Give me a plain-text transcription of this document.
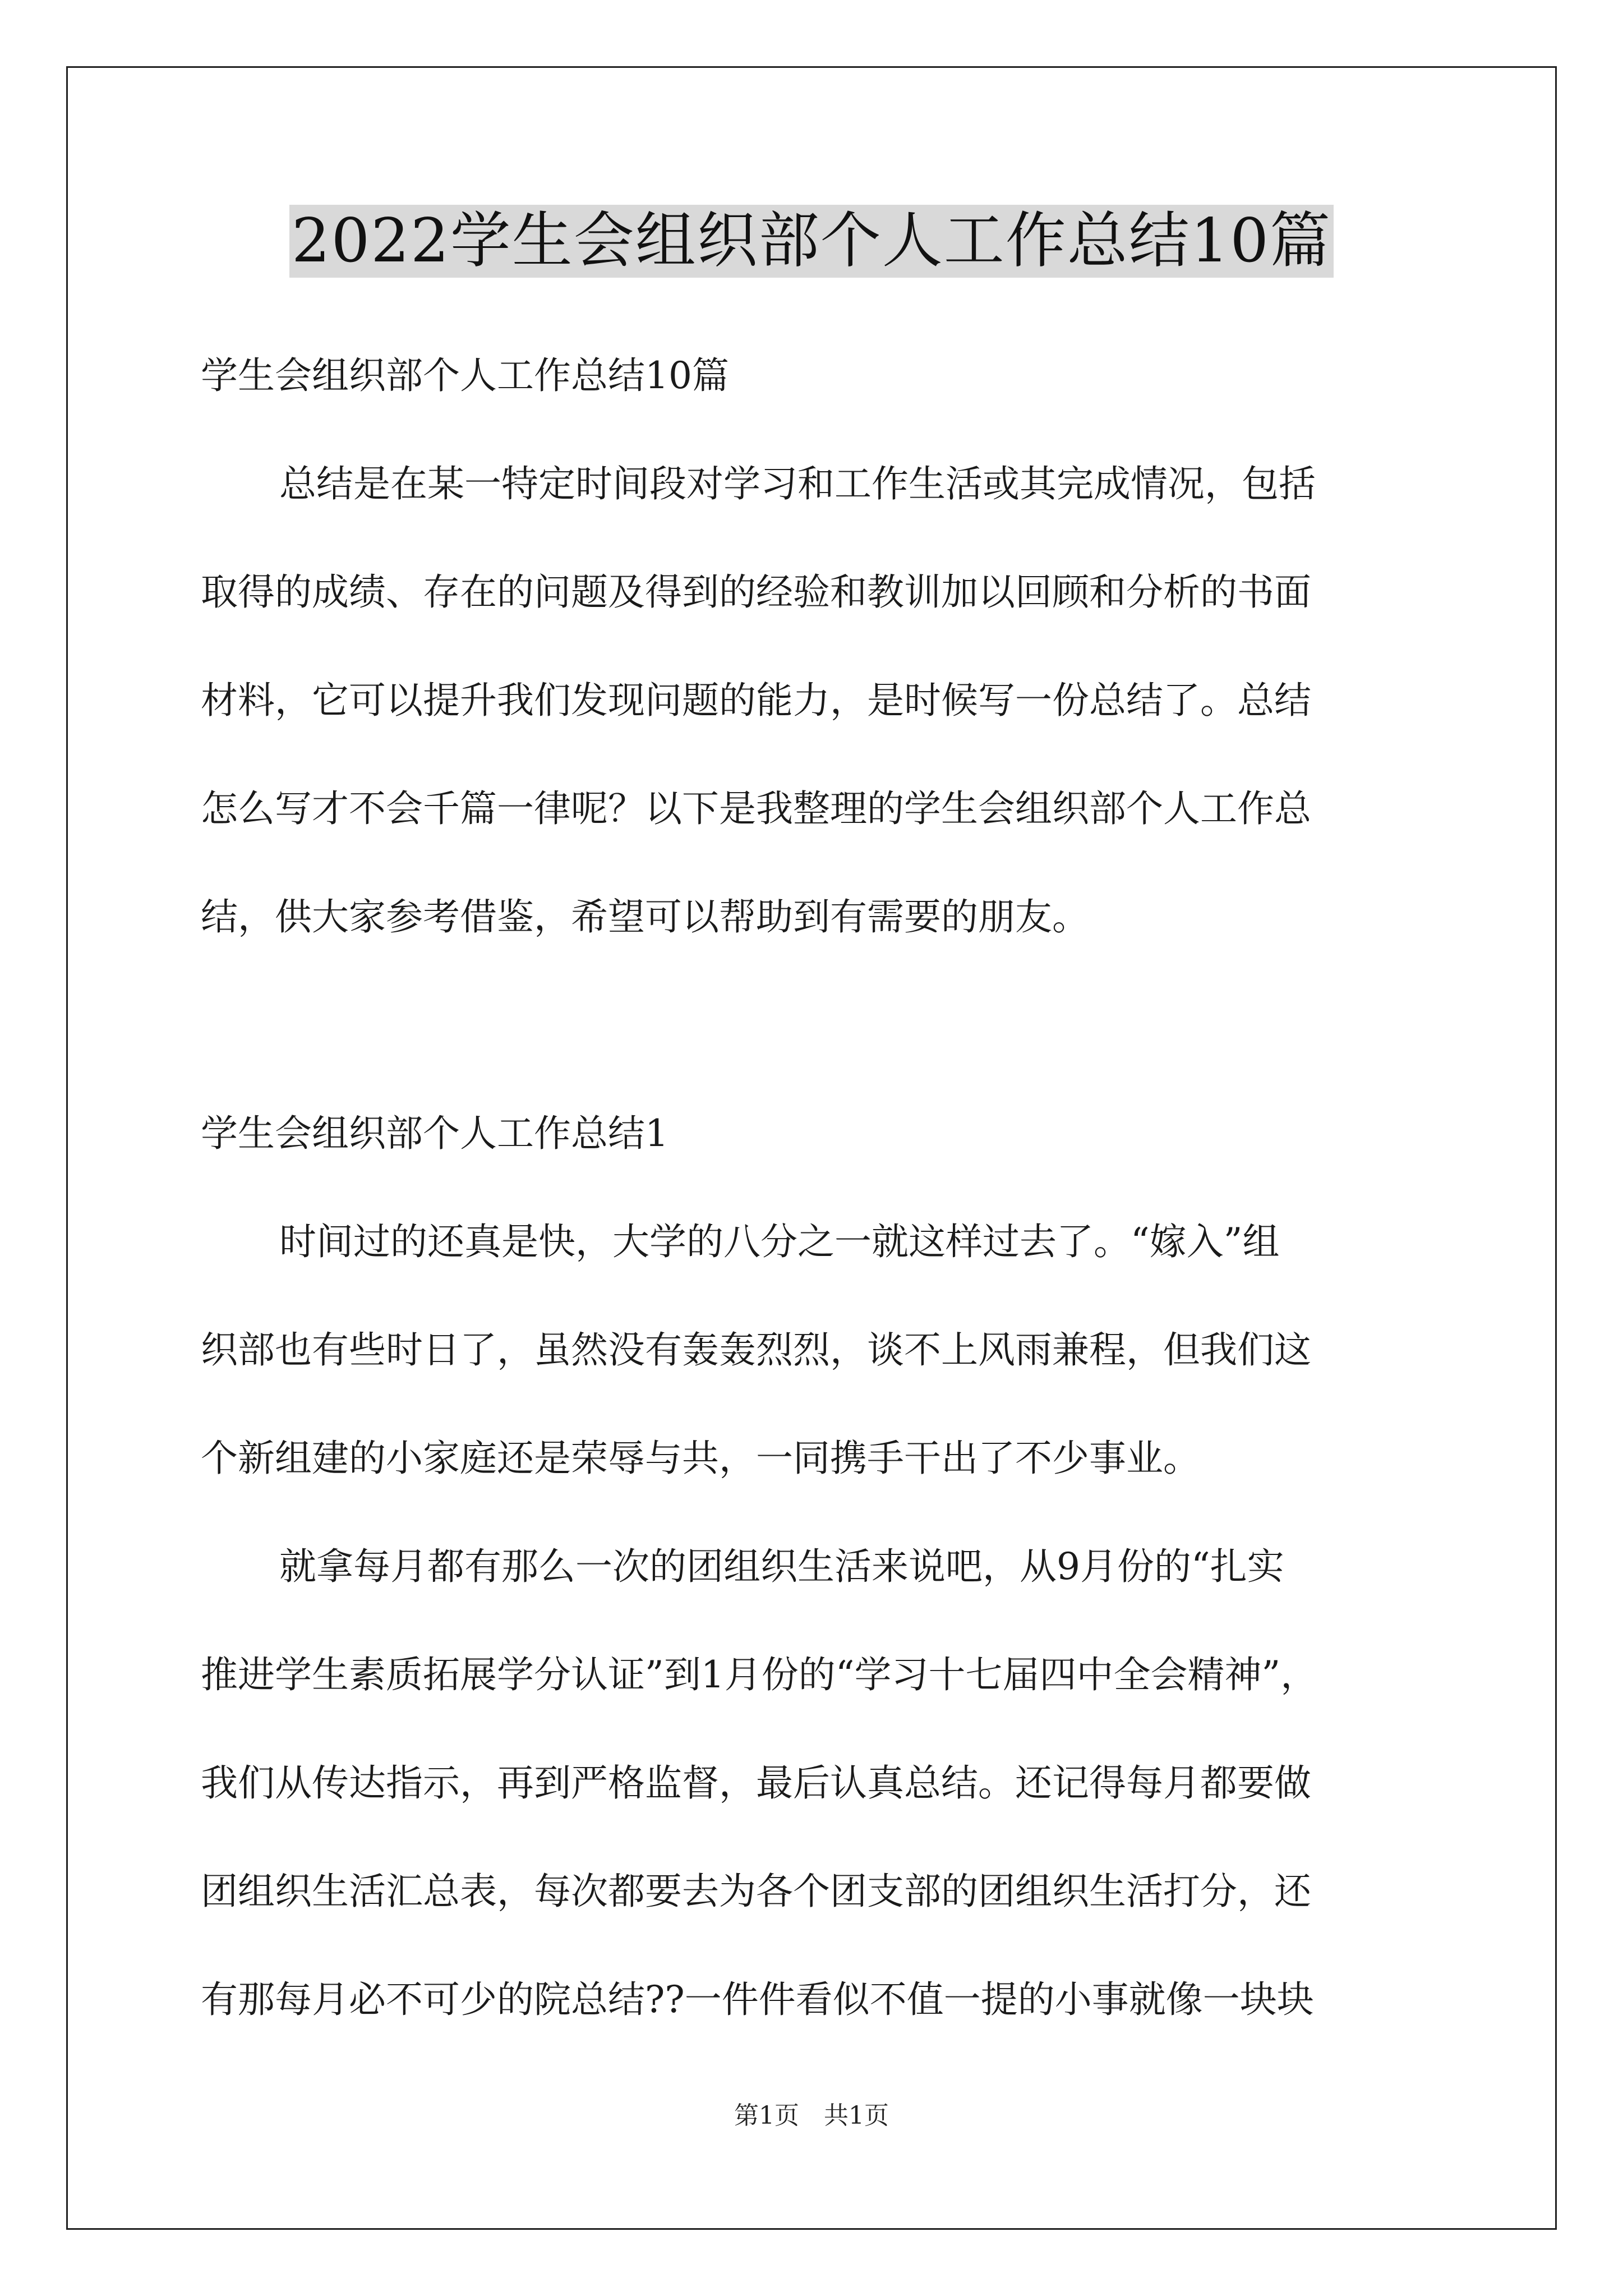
2022学生会组织部个人工作总结10篇
学生会组织部个人工作总结10篇
总结是在某一特定时间段对学习和工作生活或其完成情况，包括
取得的成绩、存在的问题及得到的经验和教训加以回顾和分析的书面
材料，它可以提升我们发现问题的能力，是时候写一份总结了。总结
怎么写才不会千篇一律呢？以下是我整理的学生会组织部个人工作总
结，供大家参考借鉴，希望可以帮助到有需要的朋友。
学生会组织部个人工作总结1
时间过的还真是快，大学的八分之一就这样过去了。“嫁入”组
织部也有些时日了，虽然没有轰轰烈烈，谈不上风雨兼程，但我们这
个新组建的小家庭还是荣辱与共，一同携手干出了不少事业。
就拿每月都有那么一次的团组织生活来说吧，从9月份的“扎实
推进学生素质拓展学分认证”到1月份的“学习十七届四中全会精神”，
我们从传达指示，再到严格监督，最后认真总结。还记得每月都要做
团组织生活汇总表，每次都要去为各个团支部的团组织生活打分，还
有那每月必不可少的院总结??一件件看似不值一提的小事就像一块块
第1页 共1页
